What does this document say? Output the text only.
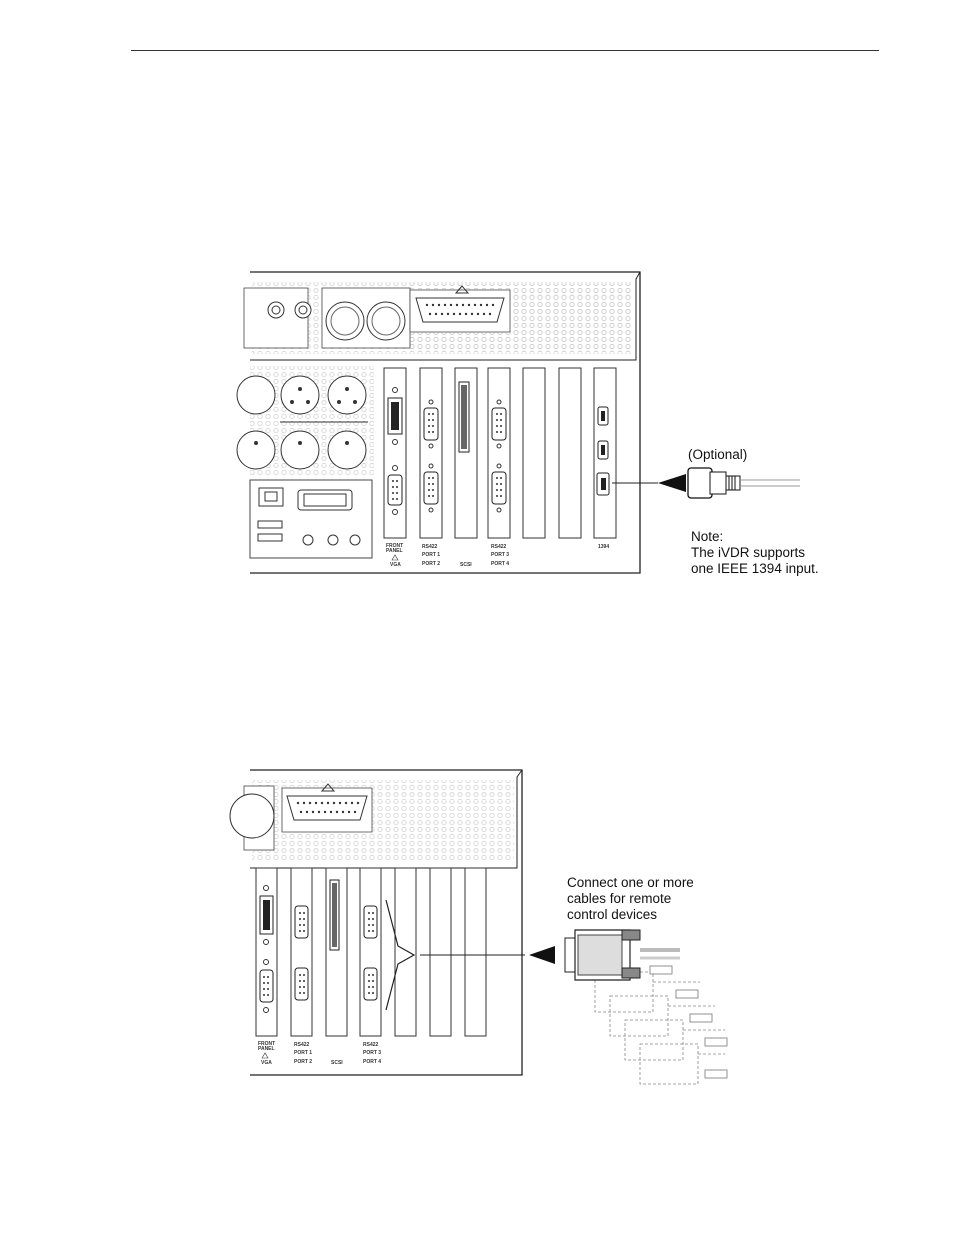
FRONT
PANEL
VGA
RS422
PORT 1
PORT 2	SCSI
RS422
PORT 3
PORT 4
1394
FRONT
PANEL
VGA
RS422
PORT 1
PORT 2	SCSI
RS422
PORT 3
PORT 4
(Optional)
Note:
The iVDR supports
one IEEE 1394 input.
Connect one or more
cables for remote
control devices
